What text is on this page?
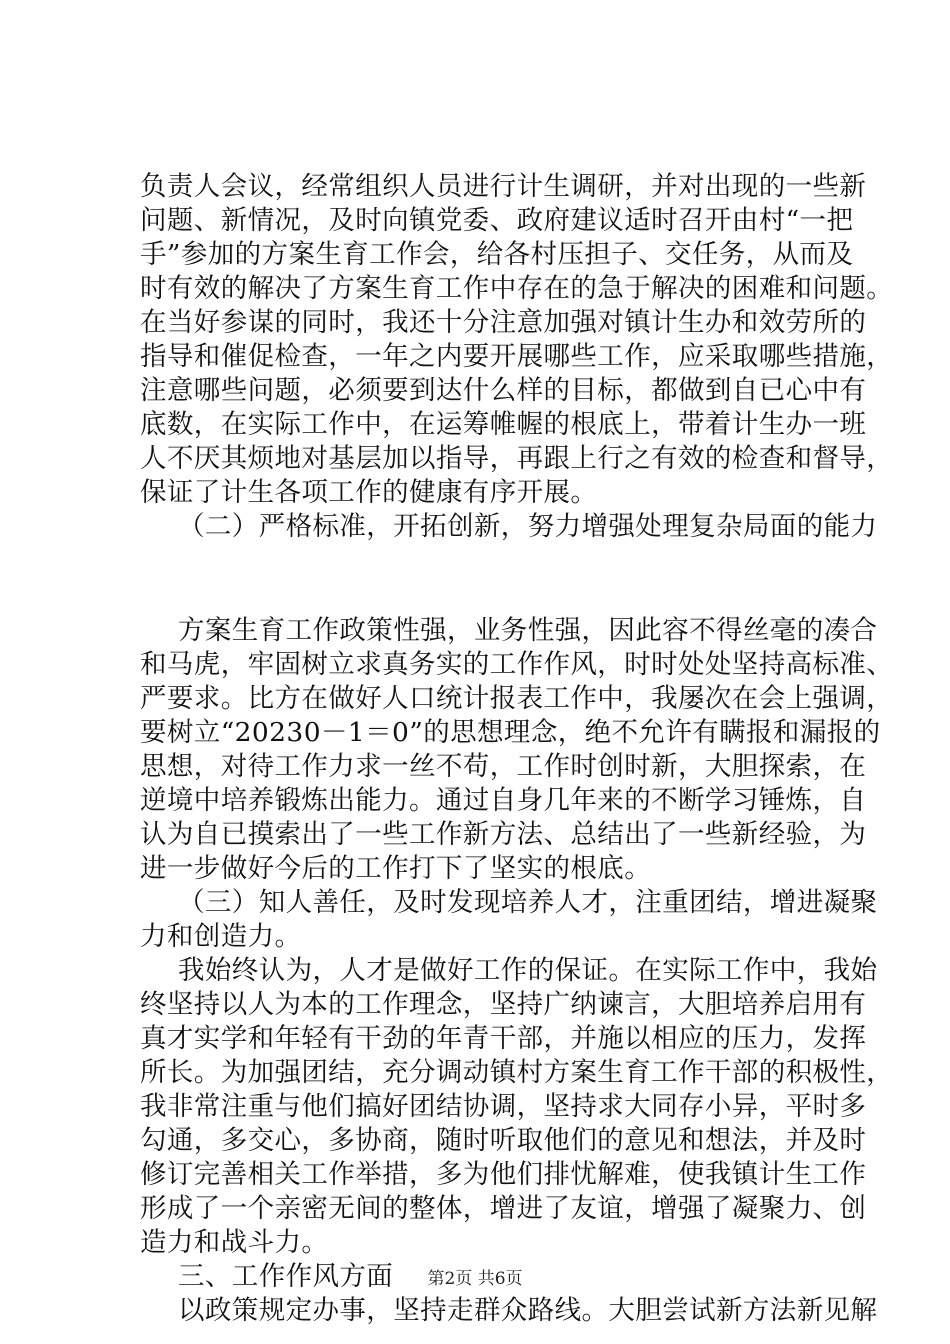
负责人会议，经常组织人员进行计生调研，并对出现的一些新
问题、新情况，及时向镇党委、政府建议适时召开由村“一把
手”参加的方案生育工作会，给各村压担子、交任务，从而及
时有效的解决了方案生育工作中存在的急于解决的困难和问题。
在当好参谋的同时，我还十分注意加强对镇计生办和效劳所的
指导和催促检查，一年之内要开展哪些工作，应采取哪些措施，
注意哪些问题，必须要到达什么样的目标，都做到自已心中有
底数，在实际工作中，在运筹帷幄的根底上，带着计生办一班
人不厌其烦地对基层加以指导，再跟上行之有效的检查和督导，
保证了计生各项工作的健康有序开展。
（二）严格标准，开拓创新，努力增强处理复杂局面的能力
方案生育工作政策性强，业务性强，因此容不得丝毫的凑合
和马虎，牢固树立求真务实的工作作风，时时处处坚持高标准、
严要求。比方在做好人口统计报表工作中，我屡次在会上强调，
要树立“20230－1＝0”的思想理念，绝不允许有瞒报和漏报的
思想，对待工作力求一丝不苟，工作时创时新，大胆探索，在
逆境中培养锻炼出能力。通过自身几年来的不断学习锤炼，自
认为自已摸索出了一些工作新方法、总结出了一些新经验，为
进一步做好今后的工作打下了坚实的根底。
（三）知人善任，及时发现培养人才，注重团结，增进凝聚
力和创造力。
我始终认为，人才是做好工作的保证。在实际工作中，我始
终坚持以人为本的工作理念，坚持广纳谏言，大胆培养启用有
真才实学和年轻有干劲的年青干部，并施以相应的压力，发挥
所长。为加强团结，充分调动镇村方案生育工作干部的积极性，
我非常注重与他们搞好团结协调，坚持求大同存小异，平时多
勾通，多交心，多协商，随时听取他们的意见和想法，并及时
修订完善相关工作举措，多为他们排忧解难，使我镇计生工作
形成了一个亲密无间的整体，增进了友谊，增强了凝聚力、创
造力和战斗力。
三、工作作风方面
以政策规定办事，坚持走群众路线。大胆尝试新方法新见解
第2页 共6页
